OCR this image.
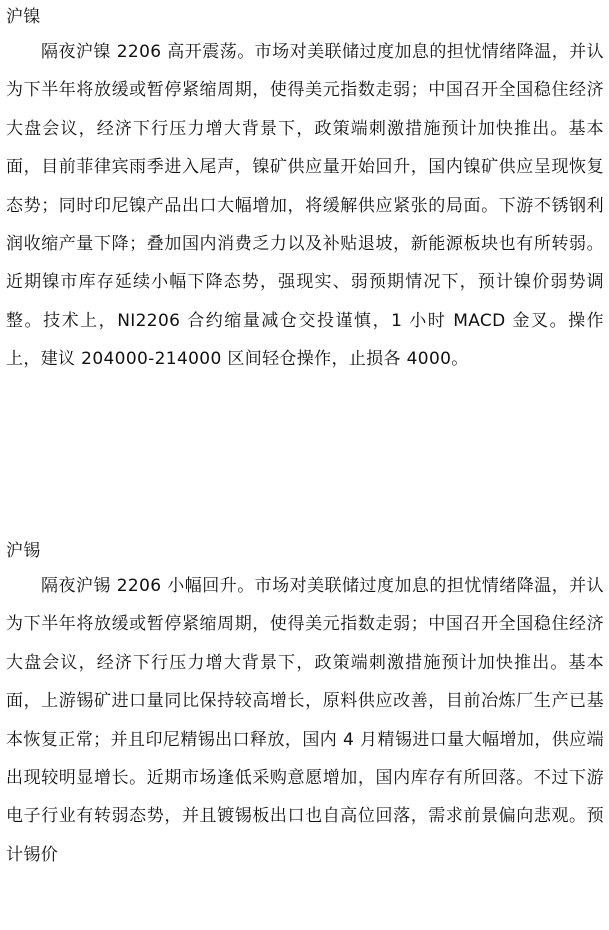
沪镍

隔夜沪镍 2206 高开震荡。市场对美联储过度加息的担忧情绪降温，并认为下半年将放缓或暂停紧缩周期，使得美元指数走弱；中国召开全国稳住经济大盘会议，经济下行压力增大背景下，政策端刺激措施预计加快推出。基本面，目前菲律宾雨季进入尾声，镍矿供应量开始回升，国内镍矿供应呈现恢复态势；同时印尼镍产品出口大幅增加，将缓解供应紧张的局面。下游不锈钢利润收缩产量下降；叠加国内消费乏力以及补贴退坡，新能源板块也有所转弱。近期镍市库存延续小幅下降态势，强现实、弱预期情况下，预计镍价弱势调整。技术上，NI2206 合约缩量减仓交投谨慎，1 小时 MACD 金叉。操作上，建议 204000-214000 区间轻仓操作，止损各 4000。

沪锡

隔夜沪锡 2206 小幅回升。市场对美联储过度加息的担忧情绪降温，并认为下半年将放缓或暂停紧缩周期，使得美元指数走弱；中国召开全国稳住经济大盘会议，经济下行压力增大背景下，政策端刺激措施预计加快推出。基本面，上游锡矿进口量同比保持较高增长，原料供应改善，目前冶炼厂生产已基本恢复正常；并且印尼精锡出口释放，国内 4 月精锡进口量大幅增加，供应端出现较明显增长。近期市场逢低采购意愿增加，国内库存有所回落。不过下游电子行业有转弱态势，并且镀锡板出口也自高位回落，需求前景偏向悲观。预计锡价
